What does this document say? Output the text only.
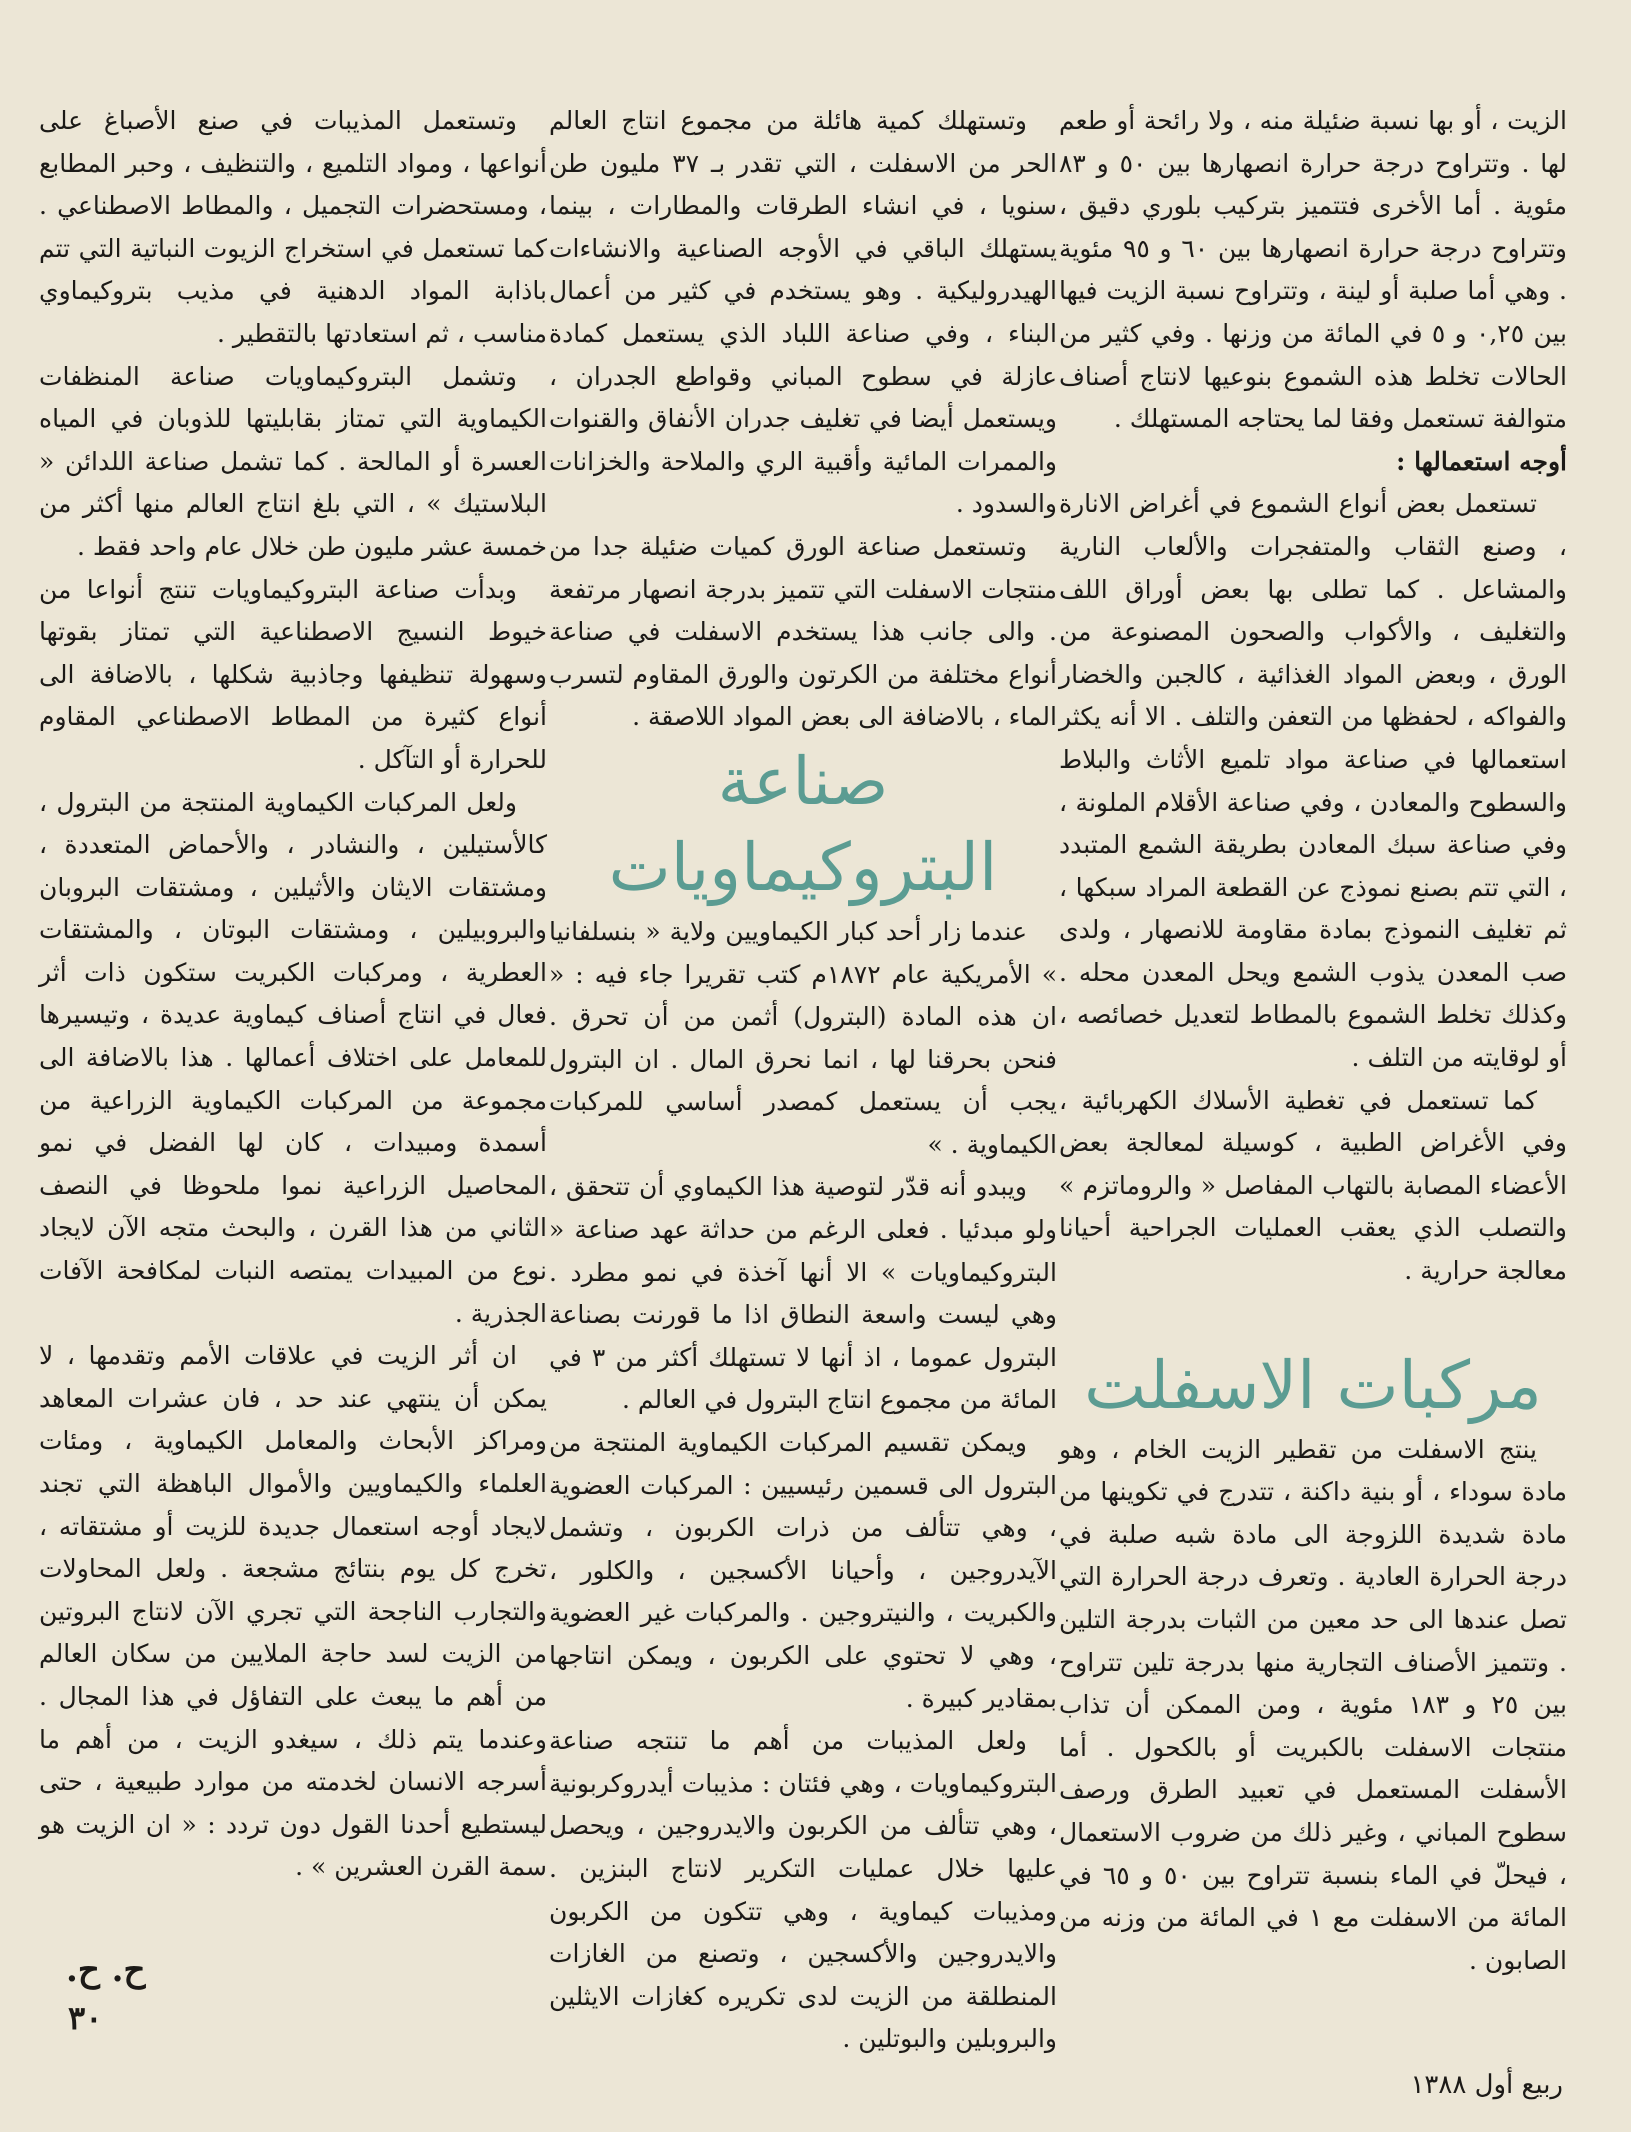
الزيت ، أو بها نسبة ضئيلة منه ، ولا رائحة أو طعم لها . وتتراوح درجة حرارة انصهارها بين ٥٠ و ٨٣ مئوية . أما الأخرى فتتميز بتركيب بلوري دقيق ، وتتراوح درجة حرارة انصهارها بين ٦٠ و ٩٥ مئوية . وهي أما صلبة أو لينة ، وتتراوح نسبة الزيت فيها بين ٠,٢٥ و ٥ في المائة من وزنها . وفي كثير من الحالات تخلط هذه الشموع بنوعيها لانتاج أصناف متوالفة تستعمل وفقا لما يحتاجه المستهلك .

أوجه استعمالها :

تستعمل بعض أنواع الشموع في أغراض الانارة ، وصنع الثقاب والمتفجرات والألعاب النارية والمشاعل . كما تطلى بها بعض أوراق اللف والتغليف ، والأكواب والصحون المصنوعة من الورق ، وبعض المواد الغذائية ، كالجبن والخضار والفواكه ، لحفظها من التعفن والتلف . الا أنه يكثر استعمالها في صناعة مواد تلميع الأثاث والبلاط والسطوح والمعادن ، وفي صناعة الأقلام الملونة ، وفي صناعة سبك المعادن بطريقة الشمع المتبدد ، التي تتم بصنع نموذج عن القطعة المراد سبكها ، ثم تغليف النموذج بمادة مقاومة للانصهار ، ولدى صب المعدن يذوب الشمع ويحل المعدن محله . وكذلك تخلط الشموع بالمطاط لتعديل خصائصه ، أو لوقايته من التلف .

كما تستعمل في تغطية الأسلاك الكهربائية ، وفي الأغراض الطبية ، كوسيلة لمعالجة بعض الأعضاء المصابة بالتهاب المفاصل « والروماتزم » والتصلب الذي يعقب العمليات الجراحية أحيانا معالجة حرارية .

مركبات الاسفلت

ينتج الاسفلت من تقطير الزيت الخام ، وهو مادة سوداء ، أو بنية داكنة ، تتدرج في تكوينها من مادة شديدة اللزوجة الى مادة شبه صلبة في درجة الحرارة العادية . وتعرف درجة الحرارة التي تصل عندها الى حد معين من الثبات بدرجة التلين . وتتميز الأصناف التجارية منها بدرجة تلين تتراوح بين ٢٥ و ١٨٣ مئوية ، ومن الممكن أن تذاب منتجات الاسفلت بالكبريت أو بالكحول . أما الأسفلت المستعمل في تعبيد الطرق ورصف سطوح المباني ، وغير ذلك من ضروب الاستعمال ، فيحلّ في الماء بنسبة تتراوح بين ٥٠ و ٦٥ في المائة من الاسفلت مع ١ في المائة من وزنه من الصابون .

وتستهلك كمية هائلة من مجموع انتاج العالم الحر من الاسفلت ، التي تقدر بـ ٣٧ مليون طن سنويا ، في انشاء الطرقات والمطارات ، بينما يستهلك الباقي في الأوجه الصناعية والانشاءات الهيدروليكية . وهو يستخدم في كثير من أعمال البناء ، وفي صناعة اللباد الذي يستعمل كمادة عازلة في سطوح المباني وقواطع الجدران ، ويستعمل أيضا في تغليف جدران الأنفاق والقنوات والممرات المائية وأقبية الري والملاحة والخزانات والسدود .

وتستعمل صناعة الورق كميات ضئيلة جدا من منتجات الاسفلت التي تتميز بدرجة انصهار مرتفعة . والى جانب هذا يستخدم الاسفلت في صناعة أنواع مختلفة من الكرتون والورق المقاوم لتسرب الماء ، بالاضافة الى بعض المواد اللاصقة .

صناعة البتروكيماويات

عندما زار أحد كبار الكيماويين ولاية « بنسلفانيا » الأمريكية عام ١٨٧٢م كتب تقريرا جاء فيه : « ان هذه المادة (البترول) أثمن من أن تحرق . فنحن بحرقنا لها ، انما نحرق المال . ان البترول يجب أن يستعمل كمصدر أساسي للمركبات الكيماوية . »

ويبدو أنه قدّر لتوصية هذا الكيماوي أن تتحقق ، ولو مبدئيا . فعلى الرغم من حداثة عهد صناعة « البتروكيماويات » الا أنها آخذة في نمو مطرد . وهي ليست واسعة النطاق اذا ما قورنت بصناعة البترول عموما ، اذ أنها لا تستهلك أكثر من ٣ في المائة من مجموع انتاج البترول في العالم .

ويمكن تقسيم المركبات الكيماوية المنتجة من البترول الى قسمين رئيسيين : المركبات العضوية ، وهي تتألف من ذرات الكربون ، وتشمل الآيدروجين ، وأحيانا الأكسجين ، والكلور ، والكبريت ، والنيتروجين . والمركبات غير العضوية ، وهي لا تحتوي على الكربون ، ويمكن انتاجها بمقادير كبيرة .

ولعل المذيبات من أهم ما تنتجه صناعة البتروكيماويات ، وهي فئتان : مذيبات أيدروكربونية ، وهي تتألف من الكربون والايدروجين ، ويحصل عليها خلال عمليات التكرير لانتاج البنزين . ومذيبات كيماوية ، وهي تتكون من الكربون والايدروجين والأكسجين ، وتصنع من الغازات المنطلقة من الزيت لدى تكريره كغازات الايثلين والبروبلين والبوتلين .

وتستعمل المذيبات في صنع الأصباغ على أنواعها ، ومواد التلميع ، والتنظيف ، وحبر المطابع ، ومستحضرات التجميل ، والمطاط الاصطناعي . كما تستعمل في استخراج الزيوت النباتية التي تتم باذابة المواد الدهنية في مذيب بتروكيماوي مناسب ، ثم استعادتها بالتقطير .

وتشمل البتروكيماويات صناعة المنظفات الكيماوية التي تمتاز بقابليتها للذوبان في المياه العسرة أو المالحة . كما تشمل صناعة اللدائن « البلاستيك » ، التي بلغ انتاج العالم منها أكثر من خمسة عشر مليون طن خلال عام واحد فقط .

وبدأت صناعة البتروكيماويات تنتج أنواعا من خيوط النسيج الاصطناعية التي تمتاز بقوتها وسهولة تنظيفها وجاذبية شكلها ، بالاضافة الى أنواع كثيرة من المطاط الاصطناعي المقاوم للحرارة أو التآكل .

ولعل المركبات الكيماوية المنتجة من البترول ، كالأستيلين ، والنشادر ، والأحماض المتعددة ، ومشتقات الايثان والأثيلين ، ومشتقات البروبان والبروبيلين ، ومشتقات البوتان ، والمشتقات العطرية ، ومركبات الكبريت ستكون ذات أثر فعال في انتاج أصناف كيماوية عديدة ، وتيسيرها للمعامل على اختلاف أعمالها . هذا بالاضافة الى مجموعة من المركبات الكيماوية الزراعية من أسمدة ومبيدات ، كان لها الفضل في نمو المحاصيل الزراعية نموا ملحوظا في النصف الثاني من هذا القرن ، والبحث متجه الآن لايجاد نوع من المبيدات يمتصه النبات لمكافحة الآفات الجذرية .

ان أثر الزيت في علاقات الأمم وتقدمها ، لا يمكن أن ينتهي عند حد ، فان عشرات المعاهد ومراكز الأبحاث والمعامل الكيماوية ، ومئات العلماء والكيماويين والأموال الباهظة التي تجند لايجاد أوجه استعمال جديدة للزيت أو مشتقاته ، تخرج كل يوم بنتائج مشجعة . ولعل المحاولات والتجارب الناجحة التي تجري الآن لانتاج البروتين من الزيت لسد حاجة الملايين من سكان العالم من أهم ما يبعث على التفاؤل في هذا المجال . وعندما يتم ذلك ، سيغدو الزيت ، من أهم ما أسرجه الانسان لخدمته من موارد طبيعية ، حتى ليستطيع أحدنا القول دون تردد : « ان الزيت هو سمة القرن العشرين » .

ح. ح.
٣٠
ربيع أول ١٣٨٨
